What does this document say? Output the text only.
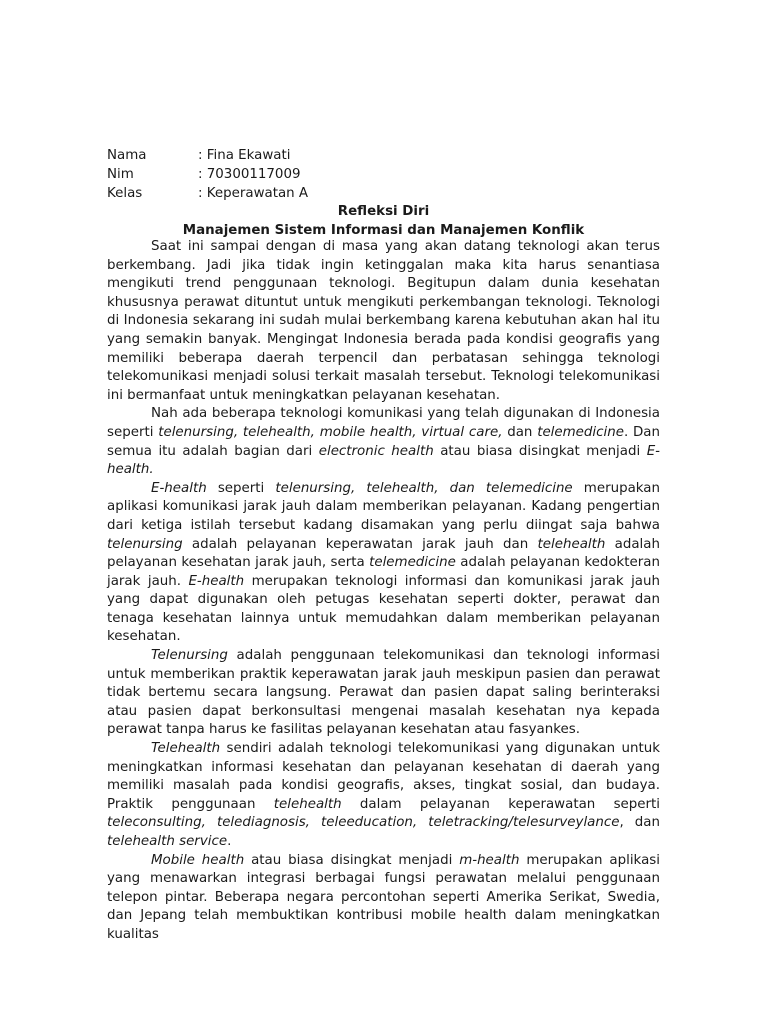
Nama	: Fina Ekawati
Nim	: 70300117009
Kelas	: Keperawatan A
Refleksi Diri
Manajemen Sistem Informasi dan Manajemen Konflik

Saat ini sampai dengan di masa yang akan datang teknologi akan terus berkembang. Jadi jika tidak ingin ketinggalan maka kita harus senantiasa mengikuti trend penggunaan teknologi. Begitupun dalam dunia kesehatan khususnya perawat dituntut untuk mengikuti perkembangan teknologi. Teknologi di Indonesia sekarang ini sudah mulai berkembang karena kebutuhan akan hal itu yang semakin banyak. Mengingat Indonesia berada pada kondisi geografis yang memiliki beberapa daerah terpencil dan perbatasan sehingga teknologi telekomunikasi menjadi solusi terkait masalah tersebut. Teknologi telekomunikasi ini bermanfaat untuk meningkatkan pelayanan kesehatan.

Nah ada beberapa teknologi komunikasi yang telah digunakan di Indonesia seperti telenursing, telehealth, mobile health, virtual care, dan telemedicine. Dan semua itu adalah bagian dari electronic health atau biasa disingkat menjadi E-health.

E-health seperti telenursing, telehealth, dan telemedicine merupakan aplikasi komunikasi jarak jauh dalam memberikan pelayanan. Kadang pengertian dari ketiga istilah tersebut kadang disamakan yang perlu diingat saja bahwa telenursing adalah pelayanan keperawatan jarak jauh dan telehealth adalah pelayanan kesehatan jarak jauh, serta telemedicine adalah pelayanan kedokteran jarak jauh. E-health merupakan teknologi informasi dan komunikasi jarak jauh yang dapat digunakan oleh petugas kesehatan seperti dokter, perawat dan tenaga kesehatan lainnya untuk memudahkan dalam memberikan pelayanan kesehatan.

Telenursing adalah penggunaan telekomunikasi dan teknologi informasi untuk memberikan praktik keperawatan jarak jauh meskipun pasien dan perawat tidak bertemu secara langsung. Perawat dan pasien dapat saling berinteraksi atau pasien dapat berkonsultasi mengenai masalah kesehatan nya kepada perawat tanpa harus ke fasilitas pelayanan kesehatan atau fasyankes.

Telehealth sendiri adalah teknologi telekomunikasi yang digunakan untuk meningkatkan informasi kesehatan dan pelayanan kesehatan di daerah yang memiliki masalah pada kondisi geografis, akses, tingkat sosial, dan budaya. Praktik penggunaan telehealth dalam pelayanan keperawatan seperti teleconsulting, telediagnosis, teleeducation, teletracking/telesurveylance, dan telehealth service.

Mobile health atau biasa disingkat menjadi m-health merupakan aplikasi yang menawarkan integrasi berbagai fungsi perawatan melalui penggunaan telepon pintar. Beberapa negara percontohan seperti Amerika Serikat, Swedia, dan Jepang telah membuktikan kontribusi mobile health dalam meningkatkan kualitas
